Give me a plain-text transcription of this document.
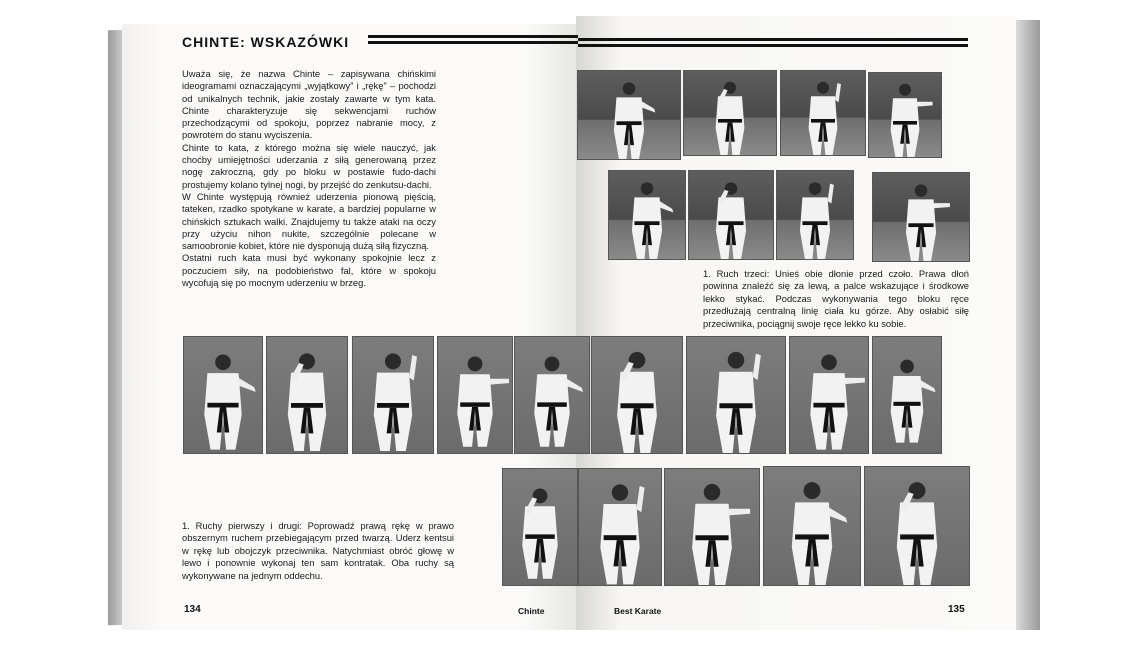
CHINTE: WSKAZÓWKI

Uważa się, że nazwa Chinte – zapisywana chińskimi ideogramami oznaczającymi „wyjątkowy” i „rękę” – pochodzi od unikalnych technik, jakie zostały zawarte w tym kata. Chinte charakteryzuje się sekwencjami ruchów przechodzącymi od spokoju, poprzez nabranie mocy, z powrotem do stanu wyciszenia.

Chinte to kata, z którego można się wiele nauczyć, jak choćby umiejętności uderzania z siłą generowaną przez nogę zakroczną, gdy po bloku w postawie fudo-dachi prostujemy kolano tylnej nogi, by przejść do zenkutsu-dachi.

W Chinte występują również uderzenia pionową pięścią, tateken, rzadko spotykane w karate, a bardziej popularne w chińskich sztukach walki. Znajdujemy tu także ataki na oczy przy użyciu nihon nukite, szczególnie polecane w samoobronie kobiet, które nie dysponują dużą siłą fizyczną.

Ostatni ruch kata musi być wykonany spokojnie lecz z poczuciem siły, na podobieństwo fal, które w spokoju wycofują się po mocnym uderzeniu w brzeg.

1. Ruch trzeci: Unieś obie dłonie przed czoło. Prawa dłoń powinna znaleźć się za lewą, a palce wskazujące i środkowe lekko stykać. Podczas wykonywania tego bloku ręce przedłużają centralną linię ciała ku górze. Aby osłabić siłę przeciwnika, pociągnij swoje ręce lekko ku sobie.
1. Ruchy pierwszy i drugi: Poprowadź prawą rękę w prawo obszernym ruchem przebiegającym przed twarzą. Uderz kentsui w rękę lub obojczyk przeciwnika. Natychmiast obróć głowę w lewo i ponownie wykonaj ten sam kontratak. Oba ruchy są wykonywane na jednym oddechu.
134	Chinte	Best Karate	135
